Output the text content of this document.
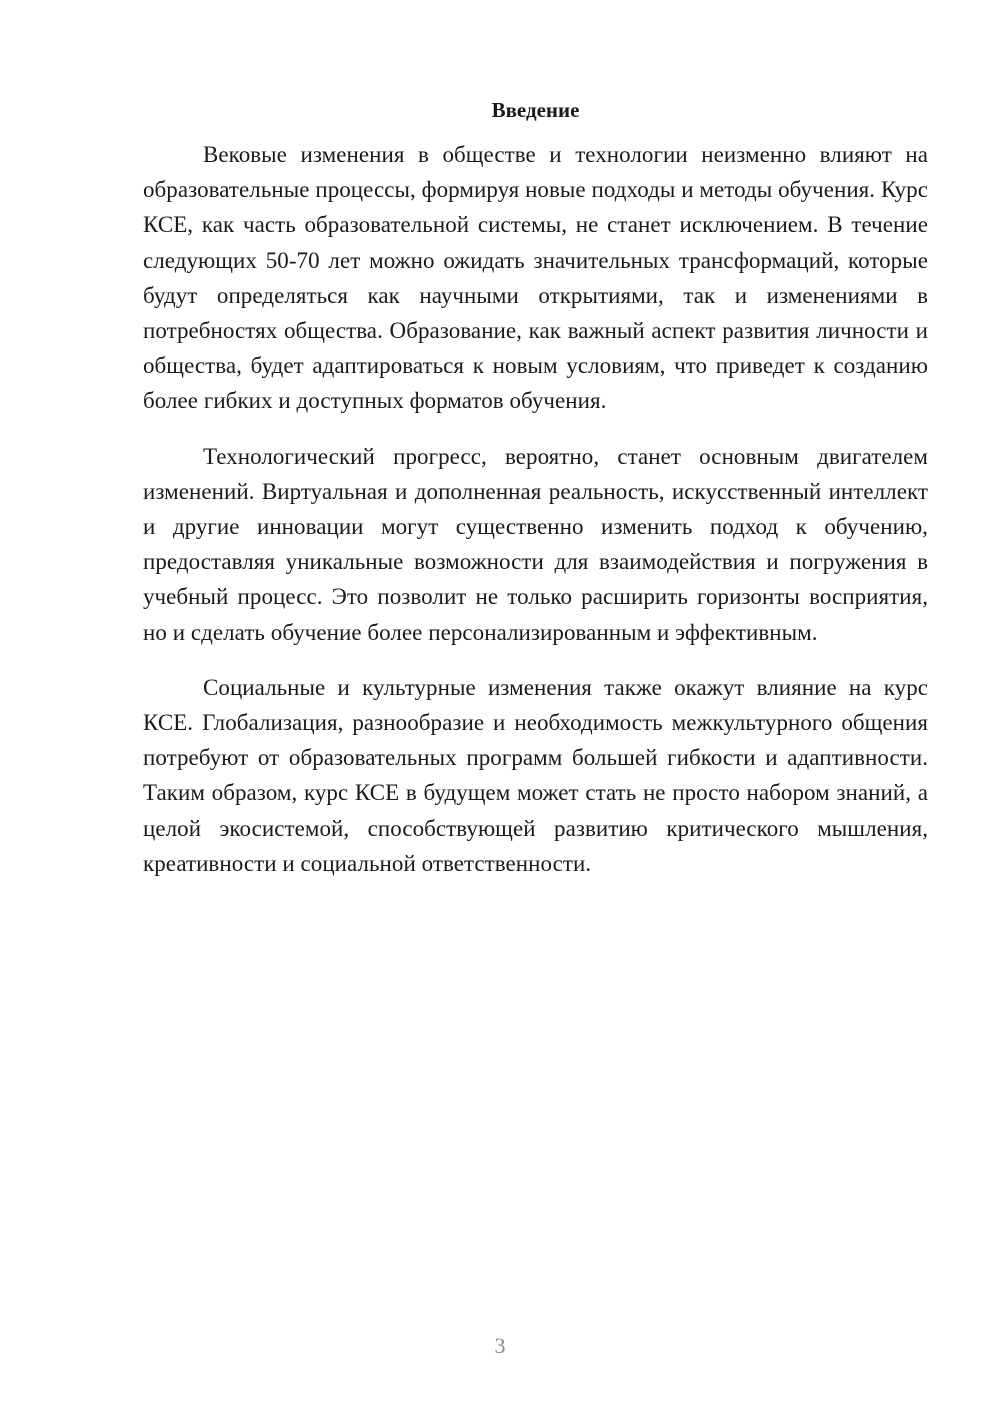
Введение

Вековые изменения в обществе и технологии неизменно влияют на образовательные процессы, формируя новые подходы и методы обучения. Курс КСЕ, как часть образовательной системы, не станет исключением. В течение следующих 50-70 лет можно ожидать значительных трансформаций, которые будут определяться как научными открытиями, так и изменениями в потребностях общества. Образование, как важный аспект развития личности и общества, будет адаптироваться к новым условиям, что приведет к созданию более гибких и доступных форматов обучения.

Технологический прогресс, вероятно, станет основным двигателем изменений. Виртуальная и дополненная реальность, искусственный интеллект и другие инновации могут существенно изменить подход к обучению, предоставляя уникальные возможности для взаимодействия и погружения в учебный процесс. Это позволит не только расширить горизонты восприятия, но и сделать обучение более персонализированным и эффективным.

Социальные и культурные изменения также окажут влияние на курс КСЕ. Глобализация, разнообразие и необходимость межкультурного общения потребуют от образовательных программ большей гибкости и адаптивности. Таким образом, курс КСЕ в будущем может стать не просто набором знаний, а целой экосистемой, способствующей развитию критического мышления, креативности и социальной ответственности.

3
